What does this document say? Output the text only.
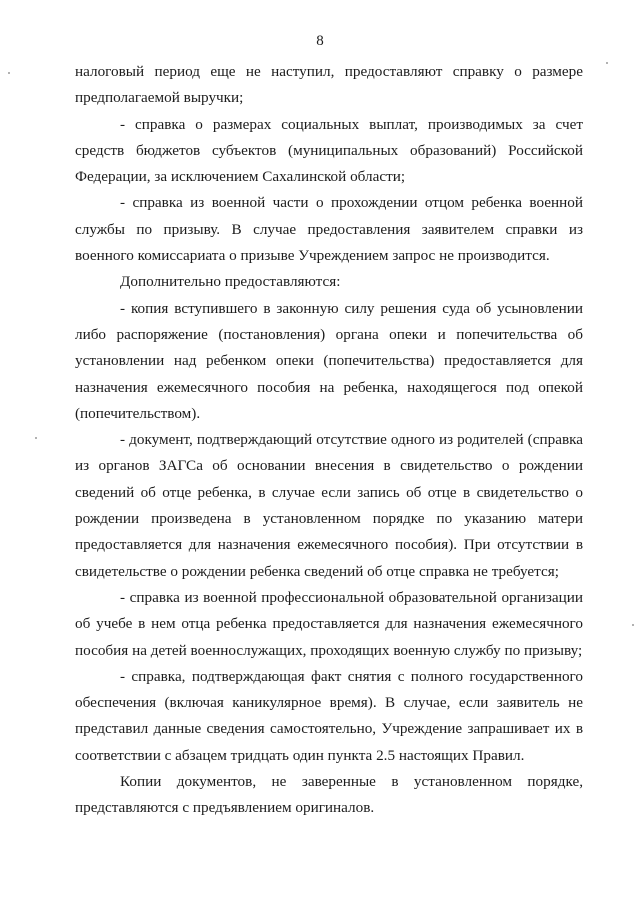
8

налоговый период еще не наступил, предоставляют справку о размере предполагаемой выручки;

- справка о размерах социальных выплат, производимых за счет средств бюджетов субъектов (муниципальных образований) Российской Федерации, за исключением Сахалинской области;

- справка из военной части о прохождении отцом ребенка военной службы по призыву. В случае предоставления заявителем справки из военного комиссариата о призыве Учреждением запрос не производится.

Дополнительно предоставляются:

- копия вступившего в законную силу решения суда об усыновлении либо распоряжение (постановления) органа опеки и попечительства об установлении над ребенком опеки (попечительства) предоставляется для назначения ежемесячного пособия на ребенка, находящегося под опекой (попечительством).

- документ, подтверждающий отсутствие одного из родителей (справка из органов ЗАГСа об основании внесения в свидетельство о рождении сведений об отце ребенка, в случае если запись об отце в свидетельство о рождении произведена в установленном порядке по указанию матери предоставляется для назначения ежемесячного пособия). При отсутствии в свидетельстве о рождении ребенка сведений об отце справка не требуется;

- справка из военной профессиональной образовательной организации об учебе в нем отца ребенка предоставляется для назначения ежемесячного пособия на детей военнослужащих, проходящих военную службу по призыву;

- справка, подтверждающая факт снятия с полного государственного обеспечения (включая каникулярное время). В случае, если заявитель не представил данные сведения самостоятельно, Учреждение запрашивает их в соответствии с абзацем тридцать один пункта 2.5 настоящих Правил.

Копии документов, не заверенные в установленном порядке, представляются с предъявлением оригиналов.
